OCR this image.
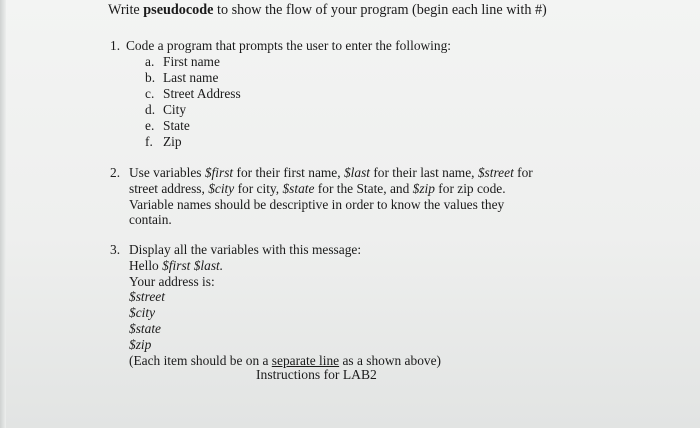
Write pseudocode to show the flow of your program (begin each line with #)
1. Code a program that prompts the user to enter the following:
a. First name
b. Last name
c. Street Address
d. City
e. State
f. Zip
2. Use variables $first for their first name, $last for their last name, $street for
street address, $city for city, $state for the State, and $zip for zip code.
Variable names should be descriptive in order to know the values they
contain.
3. Display all the variables with this message:
Hello $first $last.
Your address is:
$street
$city
$state
$zip
(Each item should be on a separate line as a shown above)
Instructions for LAB2
